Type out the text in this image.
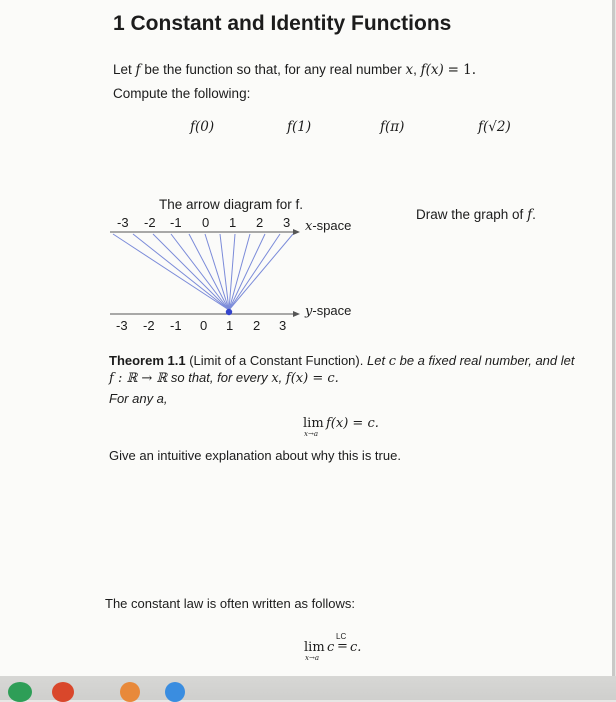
1 Constant and Identity Functions
Let f be the function so that, for any real number x, f(x) = 1.
Compute the following:
f(0)	f(1)	f(π)	f(√2)
The arrow diagram for f.
-3 -2 -1 0 1 2 3 x-space
y-space
-3 -2 -1 0 1 2 3
Draw the graph of f.
Theorem 1.1 (Limit of a Constant Function). Let c be a fixed real number, and let
f : ℝ → ℝ so that, for every x, f(x) = c.
For any a,
lim
x→a
f(x) = c.
Give an intuitive explanation about why this is true.
The constant law is often written as follows:
lim
x→a
c
LC
= c.
